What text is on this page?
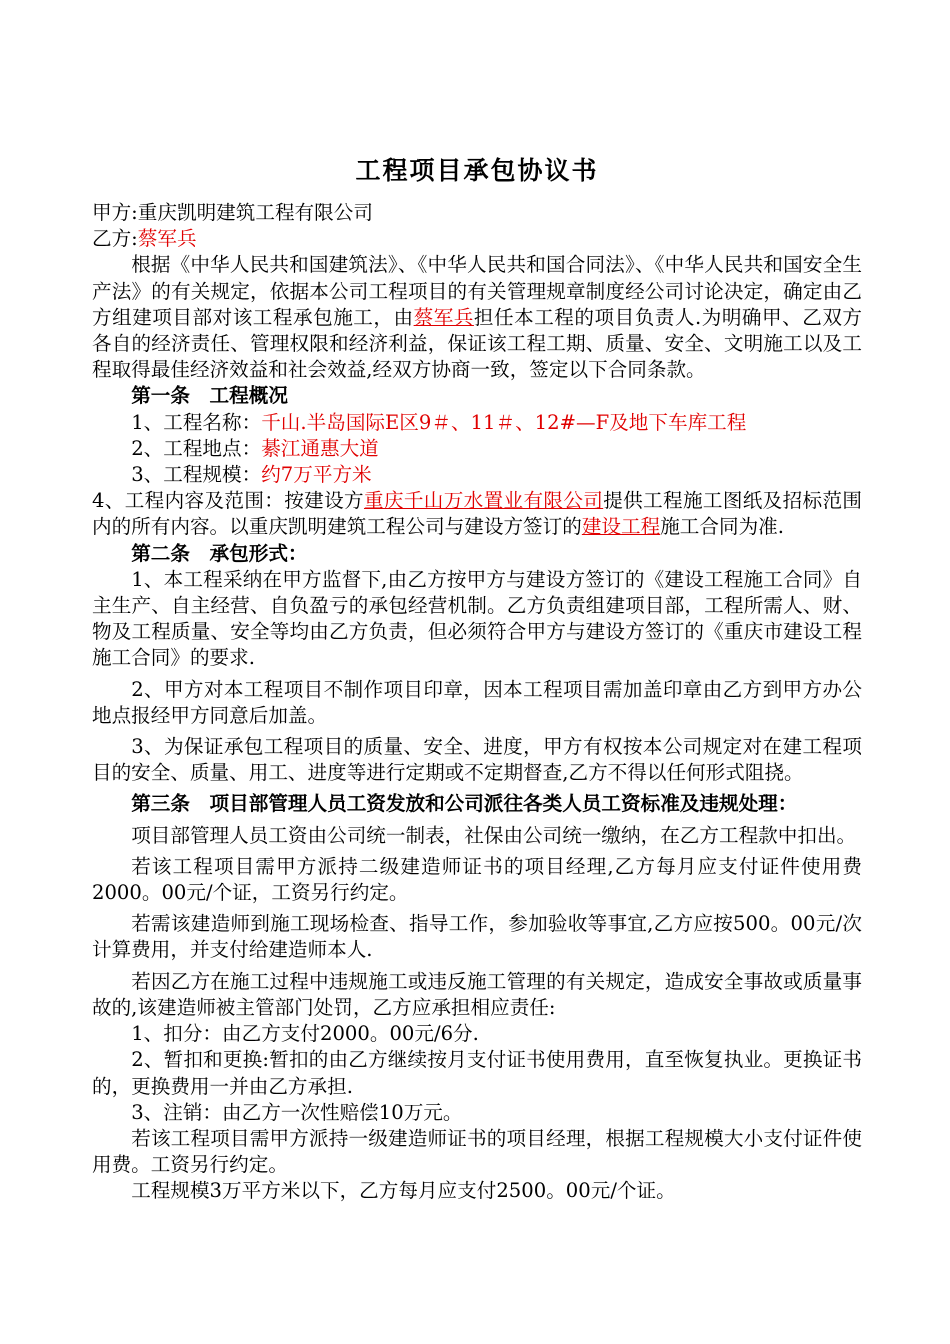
工程项目承包协议书

甲方:重庆凯明建筑工程有限公司

乙方:蔡军兵

根据《中华人民共和国建筑法》、《中华人民共和国合同法》、《中华人民共和国安全生产法》的有关规定，依据本公司工程项目的有关管理规章制度经公司讨论决定，确定由乙方组建项目部对该工程承包施工，由蔡军兵担任本工程的项目负责人.为明确甲、乙双方各自的经济责任、管理权限和经济利益，保证该工程工期、质量、安全、文明施工以及工程取得最佳经济效益和社会效益,经双方协商一致，签定以下合同条款。

第一条　工程概况

1、工程名称：千山.半岛国际E区9＃、11＃、12#—F及地下车库工程

2、工程地点：綦江通惠大道

3、工程规模：约7万平方米

4、工程内容及范围：按建设方重庆千山万水置业有限公司提供工程施工图纸及招标范围内的所有内容。以重庆凯明建筑工程公司与建设方签订的建设工程施工合同为准.

第二条　承包形式：

1、本工程采纳在甲方监督下,由乙方按甲方与建设方签订的《建设工程施工合同》自主生产、自主经营、自负盈亏的承包经营机制。乙方负责组建项目部，工程所需人、财、物及工程质量、安全等均由乙方负责，但必须符合甲方与建设方签订的《重庆市建设工程施工合同》的要求.

2、甲方对本工程项目不制作项目印章，因本工程项目需加盖印章由乙方到甲方办公地点报经甲方同意后加盖。

3、为保证承包工程项目的质量、安全、进度，甲方有权按本公司规定对在建工程项目的安全、质量、用工、进度等进行定期或不定期督查,乙方不得以任何形式阻挠。

第三条　项目部管理人员工资发放和公司派往各类人员工资标准及违规处理：

项目部管理人员工资由公司统一制表，社保由公司统一缴纳，在乙方工程款中扣出。

若该工程项目需甲方派持二级建造师证书的项目经理,乙方每月应支付证件使用费2000。00元/个证，工资另行约定。

若需该建造师到施工现场检查、指导工作，参加验收等事宜,乙方应按500。00元/次计算费用，并支付给建造师本人.

若因乙方在施工过程中违规施工或违反施工管理的有关规定，造成安全事故或质量事故的,该建造师被主管部门处罚，乙方应承担相应责任:

1、扣分：由乙方支付2000。00元/6分.

2、暂扣和更换:暂扣的由乙方继续按月支付证书使用费用，直至恢复执业。更换证书的，更换费用一并由乙方承担.

3、注销：由乙方一次性赔偿10万元。

若该工程项目需甲方派持一级建造师证书的项目经理，根据工程规模大小支付证件使用费。工资另行约定。

工程规模3万平方米以下，乙方每月应支付2500。00元/个证。
